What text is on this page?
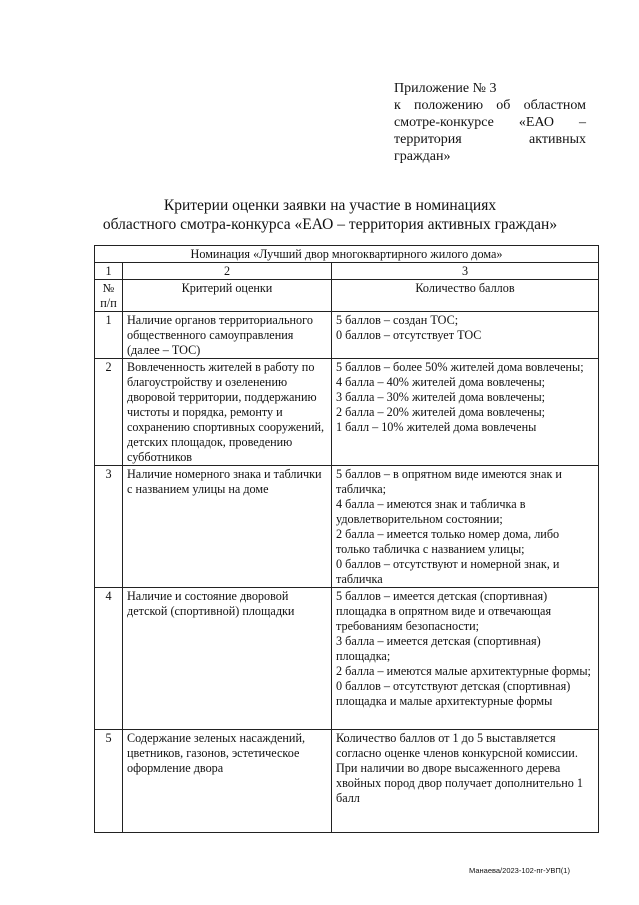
Приложение № 3
к положению об областном
смотре-конкурсе «ЕАО –
территория	активных
граждан»
Критерии оценки заявки на участие в номинациях
областного смотра-конкурса «ЕАО – территория активных граждан»
Номинация «Лучший двор многоквартирного жилого дома»		
1	2	3
№ п/п	Критерий оценки	Количество баллов
1	Наличие органов территориального общественного самоуправления (далее – ТОС)	5 баллов – создан ТОС;
0 баллов – отсутствует ТОС

2	Вовлеченность жителей в работу по благоустройству и озеленению дворовой территории, поддержанию чистоты и порядка, ремонту и сохранению спортивных сооружений, детских площадок, проведению субботников	5 баллов – более 50% жителей дома вовлечены;
4 балла – 40% жителей дома вовлечены;
3 балла – 30% жителей дома вовлечены;
2 балла – 20% жителей дома вовлечены;
1 балл – 10% жителей дома вовлечены

3	Наличие номерного знака и таблички с названием улицы на доме	5 баллов – в опрятном виде имеются знак и табличка;
4 балла – имеются знак и табличка в удовлетворительном состоянии;
2 балла – имеется только номер дома, либо только табличка с названием улицы;
0 баллов – отсутствуют и номерной знак, и табличка

4	Наличие и состояние дворовой детской (спортивной) площадки	5 баллов – имеется детская (спортивная) площадка в опрятном виде и отвечающая требованиям безопасности;
3 балла – имеется детская (спортивная) площадка;
2 балла – имеются малые архитектурные формы;
0 баллов – отсутствуют детская (спортивная) площадка и малые архитектурные формы

5	Содержание зеленых насаждений, цветников, газонов, эстетическое оформление двора	Количество баллов от 1 до 5 выставляется согласно оценке членов конкурсной комиссии.
При наличии во дворе высаженного дерева хвойных пород двор получает дополнительно 1 балл
Манаева/2023-102-пг-УВП(1)
